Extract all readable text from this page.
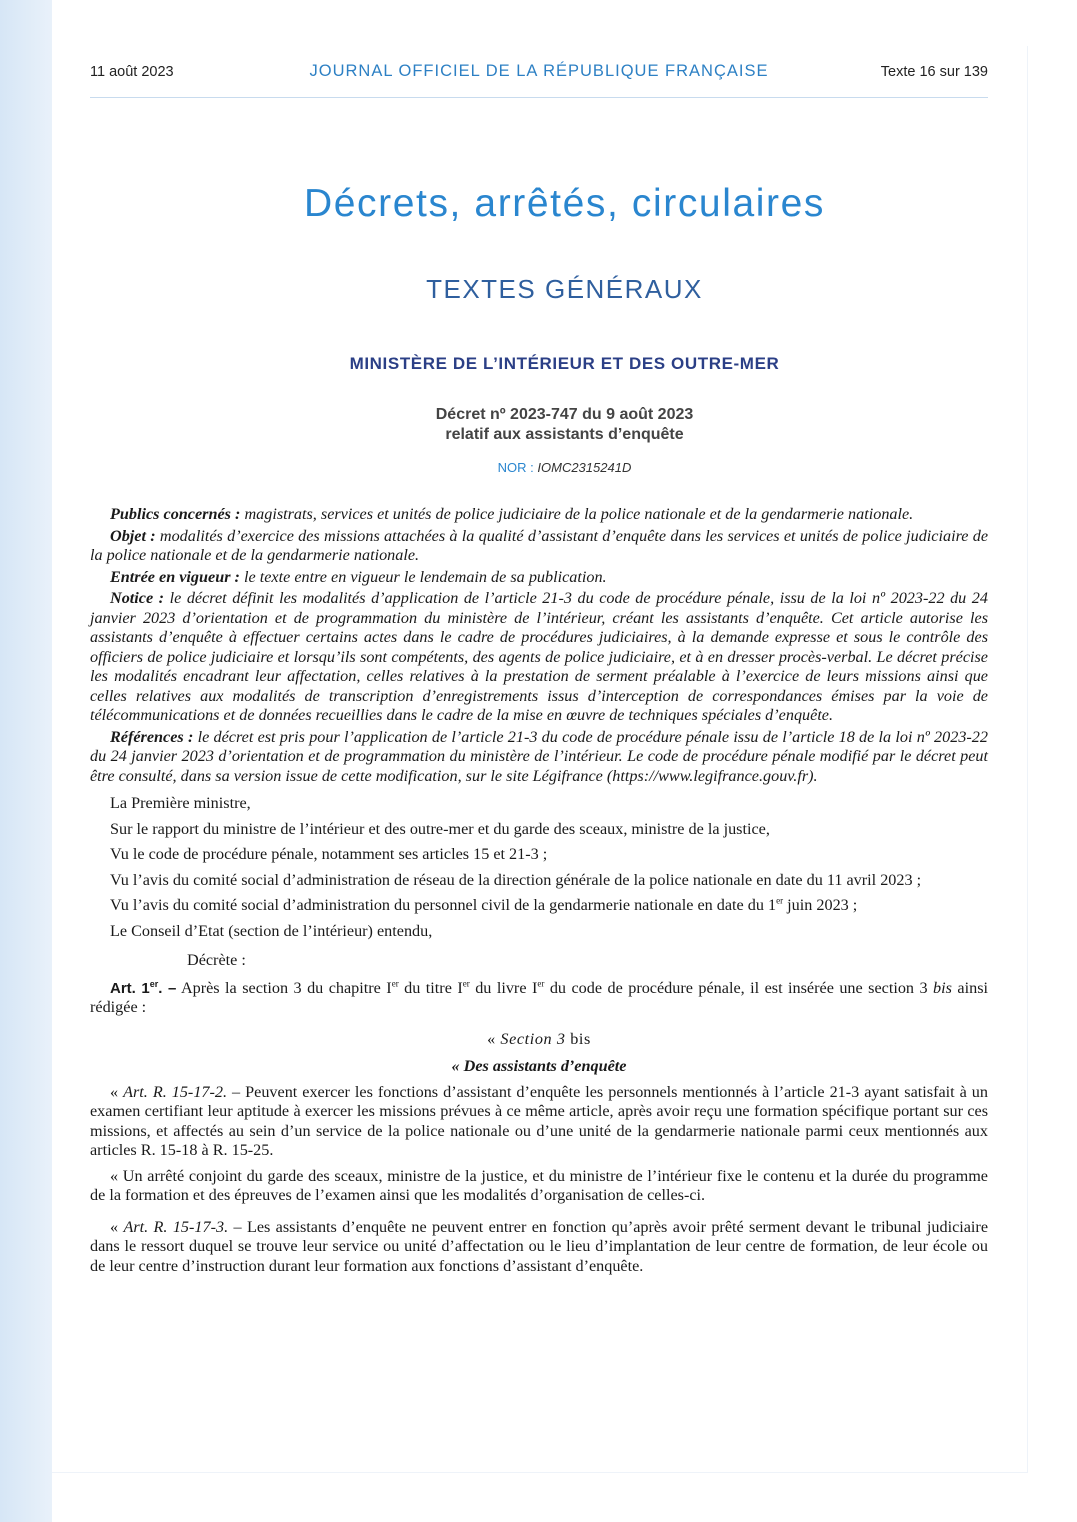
11 août 2023	JOURNAL OFFICIEL DE LA RÉPUBLIQUE FRANÇAISE	Texte 16 sur 139
Décrets, arrêtés, circulaires
TEXTES GÉNÉRAUX
MINISTÈRE DE L’INTÉRIEUR ET DES OUTRE-MER
Décret nº 2023-747 du 9 août 2023
relatif aux assistants d’enquête
NOR : IOMC2315241D

Publics concernés : magistrats, services et unités de police judiciaire de la police nationale et de la gendarmerie nationale.

Objet : modalités d’exercice des missions attachées à la qualité d’assistant d’enquête dans les services et unités de police judiciaire de la police nationale et de la gendarmerie nationale.

Entrée en vigueur : le texte entre en vigueur le lendemain de sa publication.

Notice : le décret définit les modalités d’application de l’article 21-3 du code de procédure pénale, issu de la loi nº 2023-22 du 24 janvier 2023 d’orientation et de programmation du ministère de l’intérieur, créant les assistants d’enquête. Cet article autorise les assistants d’enquête à effectuer certains actes dans le cadre de procédures judiciaires, à la demande expresse et sous le contrôle des officiers de police judiciaire et lorsqu’ils sont compétents, des agents de police judiciaire, et à en dresser procès-verbal. Le décret précise les modalités encadrant leur affectation, celles relatives à la prestation de serment préalable à l’exercice de leurs missions ainsi que celles relatives aux modalités de transcription d’enregistrements issus d’interception de correspondances émises par la voie de télécommunications et de données recueillies dans le cadre de la mise en œuvre de techniques spéciales d’enquête.

Références : le décret est pris pour l’application de l’article 21-3 du code de procédure pénale issu de l’article 18 de la loi nº 2023-22 du 24 janvier 2023 d’orientation et de programmation du ministère de l’intérieur. Le code de procédure pénale modifié par le décret peut être consulté, dans sa version issue de cette modification, sur le site Légifrance (https://www.legifrance.gouv.fr).

La Première ministre,

Sur le rapport du ministre de l’intérieur et des outre-mer et du garde des sceaux, ministre de la justice,

Vu le code de procédure pénale, notamment ses articles 15 et 21-3 ;

Vu l’avis du comité social d’administration de réseau de la direction générale de la police nationale en date du 11 avril 2023 ;

Vu l’avis du comité social d’administration du personnel civil de la gendarmerie nationale en date du 1er juin 2023 ;

Le Conseil d’Etat (section de l’intérieur) entendu,

Décrète :

Art. 1er. – Après la section 3 du chapitre Ier du titre Ier du livre Ier du code de procédure pénale, il est insérée une section 3 bis ainsi rédigée :

« Section 3 bis

« Des assistants d’enquête

« Art. R. 15-17-2. – Peuvent exercer les fonctions d’assistant d’enquête les personnels mentionnés à l’article 21-3 ayant satisfait à un examen certifiant leur aptitude à exercer les missions prévues à ce même article, après avoir reçu une formation spécifique portant sur ces missions, et affectés au sein d’un service de la police nationale ou d’une unité de la gendarmerie nationale parmi ceux mentionnés aux articles R. 15-18 à R. 15-25.

« Un arrêté conjoint du garde des sceaux, ministre de la justice, et du ministre de l’intérieur fixe le contenu et la durée du programme de la formation et des épreuves de l’examen ainsi que les modalités d’organisation de celles-ci.

« Art. R. 15-17-3. – Les assistants d’enquête ne peuvent entrer en fonction qu’après avoir prêté serment devant le tribunal judiciaire dans le ressort duquel se trouve leur service ou unité d’affectation ou le lieu d’implantation de leur centre de formation, de leur école ou de leur centre d’instruction durant leur formation aux fonctions d’assistant d’enquête.
